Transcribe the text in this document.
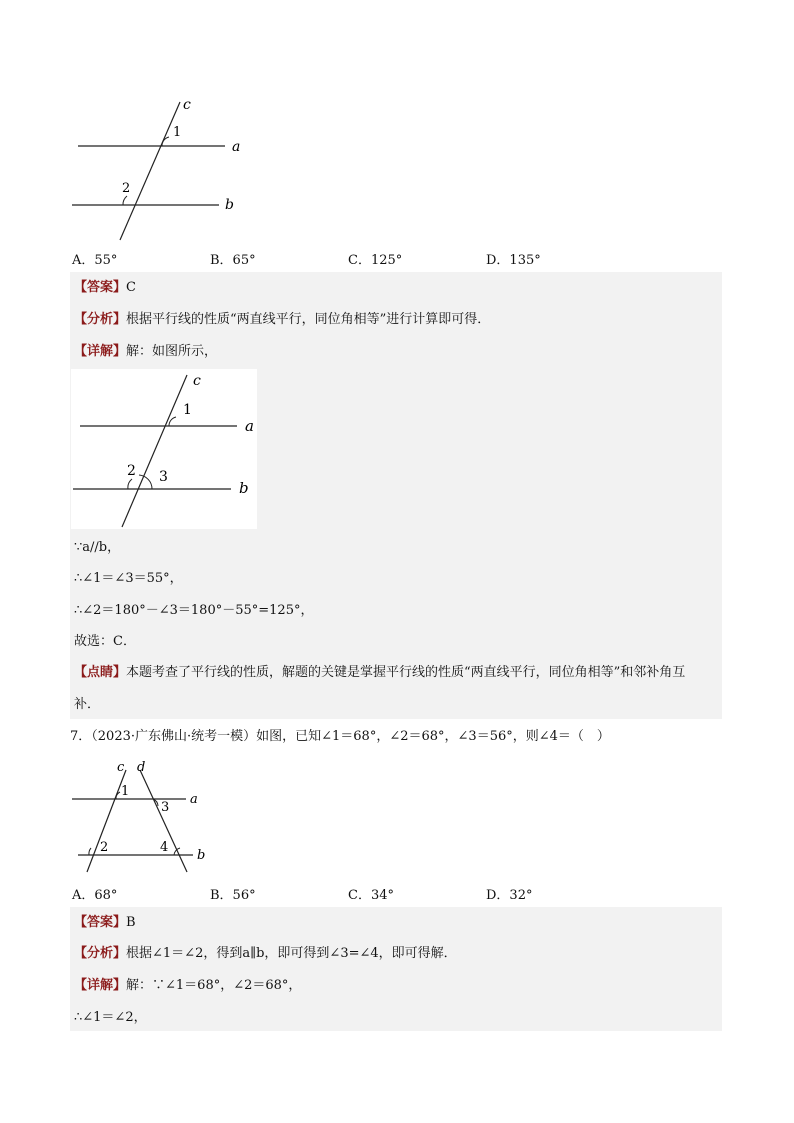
c
1
a
2
b
A．55°	B．65°	C．125°	D．135°
【答案】C
【分析】根据平行线的性质“两直线平行，同位角相等”进行计算即可得．
【详解】解：如图所示，
c
1
a
2 3
b
∵a//b，
∴∠1＝∠3＝55°，
∴∠2＝180°－∠3＝180°－55°=125°，
故选：C．
【点睛】本题考查了平行线的性质，解题的关键是掌握平行线的性质“两直线平行，同位角相等”和邻补角互
补．
7．（2023·广东佛山·统考一模）如图，已知∠1＝68°，∠2＝68°，∠3＝56°，则∠4＝（　）
c d
1
3
a
2	4
b
A．68°	B．56°	C．34°	D．32°
【答案】B
【分析】根据∠1＝∠2，得到a∥b，即可得到∠3=∠4，即可得解．
【详解】解：∵∠1＝68°，∠2＝68°，
∴∠1＝∠2，
